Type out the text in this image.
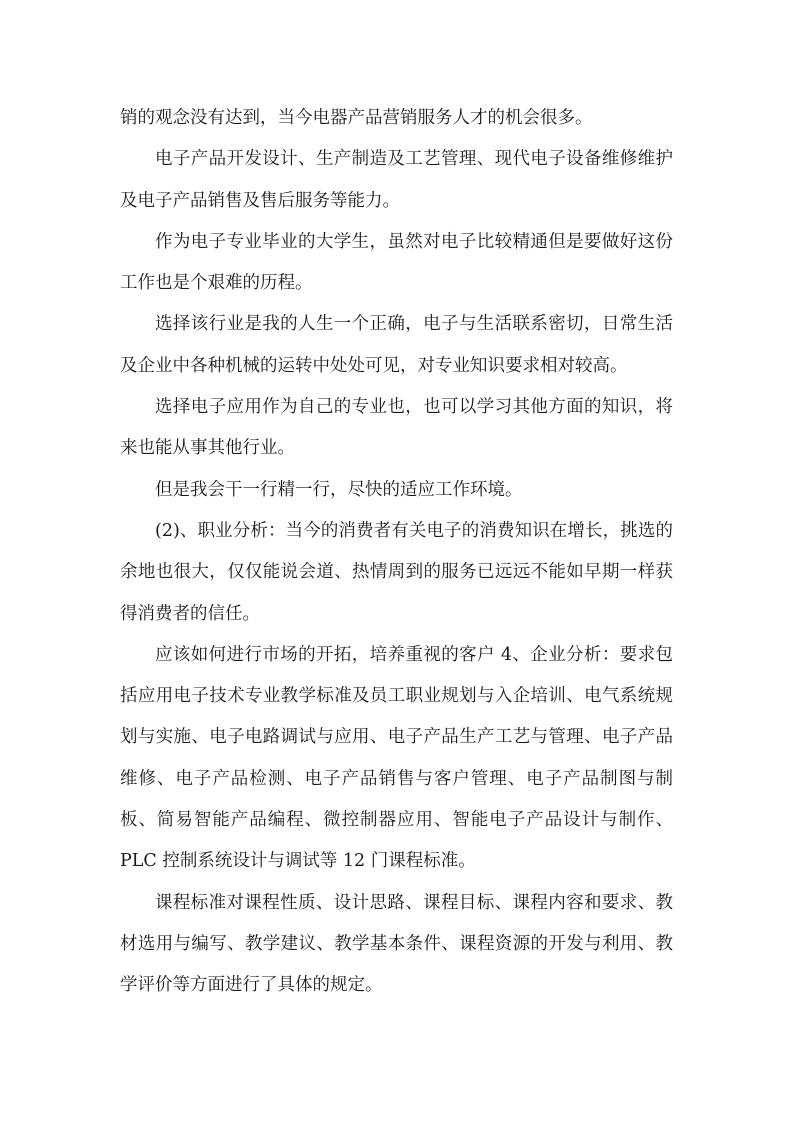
销的观念没有达到，当今电器产品营销服务人才的机会很多。

电子产品开发设计、生产制造及工艺管理、现代电子设备维修维护及电子产品销售及售后服务等能力。

作为电子专业毕业的大学生，虽然对电子比较精通但是要做好这份工作也是个艰难的历程。

选择该行业是我的人生一个正确，电子与生活联系密切，日常生活及企业中各种机械的运转中处处可见，对专业知识要求相对较高。

选择电子应用作为自己的专业也，也可以学习其他方面的知识，将来也能从事其他行业。

但是我会干一行精一行，尽快的适应工作环境。

(2)、职业分析：当今的消费者有关电子的消费知识在增长，挑选的余地也很大，仅仅能说会道、热情周到的服务已远远不能如早期一样获得消费者的信任。

应该如何进行市场的开拓，培养重视的客户 4、企业分析：要求包括应用电子技术专业教学标准及员工职业规划与入企培训、电气系统规划与实施、电子电路调试与应用、电子产品生产工艺与管理、电子产品维修、电子产品检测、电子产品销售与客户管理、电子产品制图与制板、简易智能产品编程、微控制器应用、智能电子产品设计与制作、PLC 控制系统设计与调试等 12 门课程标准。

课程标准对课程性质、设计思路、课程目标、课程内容和要求、教材选用与编写、教学建议、教学基本条件、课程资源的开发与利用、教学评价等方面进行了具体的规定。
